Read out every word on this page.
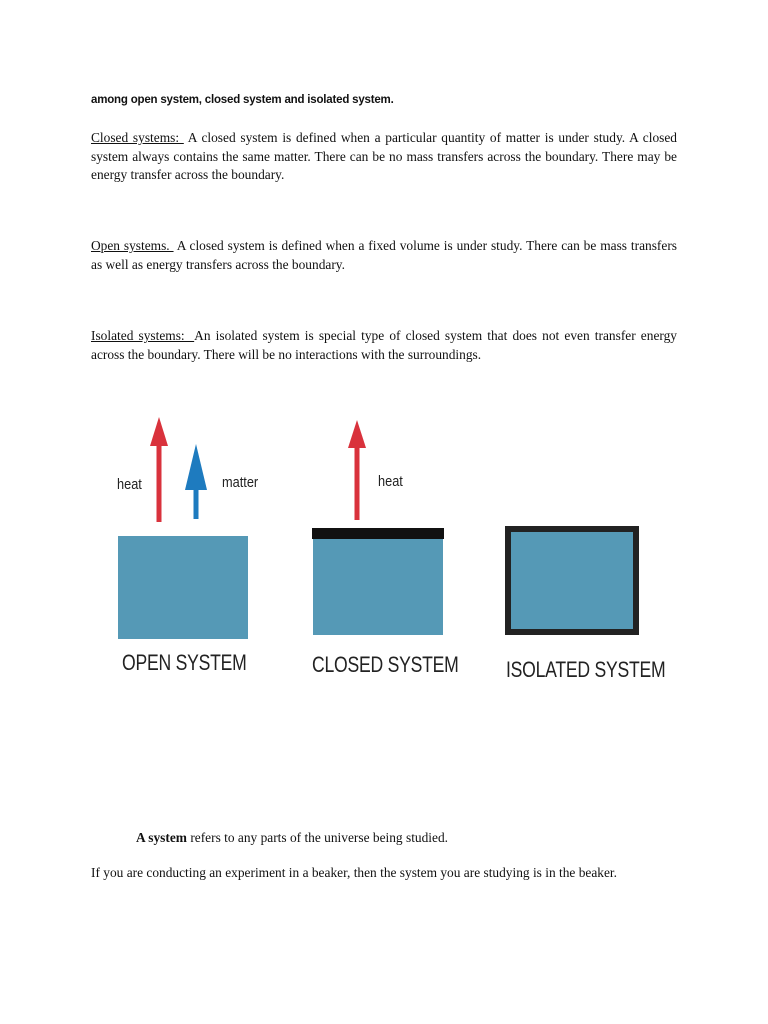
among open system, closed system and isolated system.

Closed systems:  A closed system is defined when a particular quantity of matter is under study. A closed system always contains the same matter. There can be no mass transfers across the boundary. There may be energy transfer across the boundary.

Open systems.  A closed system is defined when a fixed volume is under study. There can be mass transfers as well as energy transfers across the boundary.

Isolated systems:  An isolated system is special type of closed system that does not even transfer energy across the boundary. There will be no interactions with the surroundings.

heat	matter	heat
OPEN SYSTEM	CLOSED SYSTEM ISOLATED SYSTEM
A system refers to any parts of the universe being studied.

If you are conducting an experiment in a beaker, then the system you are studying is in the beaker.
